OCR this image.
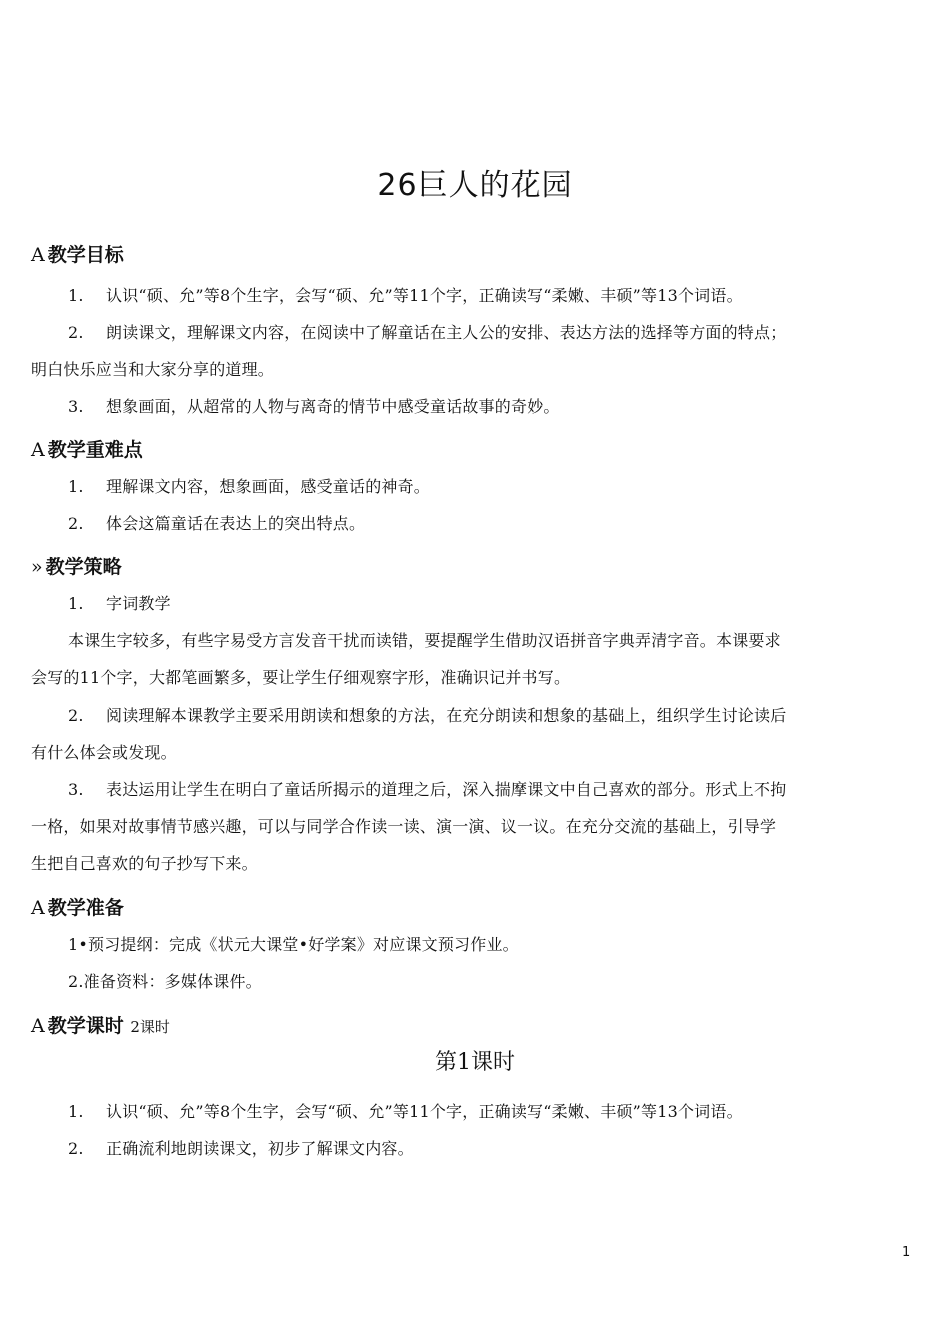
26巨人的花园
A 教学目标
1. 认识“硕、允”等8个生字，会写“硕、允”等11个字，正确读写“柔嫩、丰硕”等13个词语。
2. 朗读课文，理解课文内容，在阅读中了解童话在主人公的安排、表达方法的选择等方面的特点；
明白快乐应当和大家分享的道理。
3. 想象画面，从超常的人物与离奇的情节中感受童话故事的奇妙。
A 教学重难点
1. 理解课文内容，想象画面，感受童话的神奇。
2. 体会这篇童话在表达上的突出特点。
» 教学策略
1. 字词教学
本课生字较多，有些字易受方言发音干扰而读错，要提醒学生借助汉语拼音字典弄清字音。本课要求
会写的11个字，大都笔画繁多，要让学生仔细观察字形，准确识记并书写。
2. 阅读理解本课教学主要采用朗读和想象的方法，在充分朗读和想象的基础上，组织学生讨论读后
有什么体会或发现。
3. 表达运用让学生在明白了童话所揭示的道理之后，深入揣摩课文中自己喜欢的部分。形式上不拘
一格，如果对故事情节感兴趣，可以与同学合作读一读、演一演、议一议。在充分交流的基础上，引导学
生把自己喜欢的句子抄写下来。
A 教学准备
1•预习提纲：完成《状元大课堂•好学案》对应课文预习作业。
2.准备资料：多媒体课件。
A 教学课时 2课时
第1课时
1. 认识“硕、允”等8个生字，会写“硕、允”等11个字，正确读写“柔嫩、丰硕”等13个词语。
2. 正确流利地朗读课文，初步了解课文内容。
1
